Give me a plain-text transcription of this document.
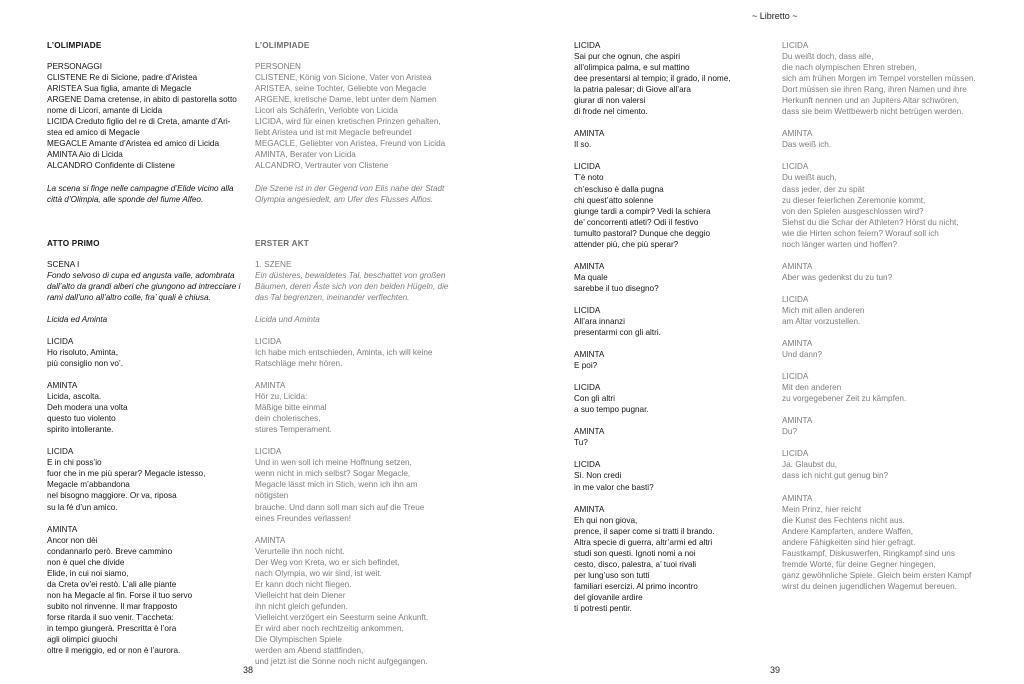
~ Libretto ~
L’OLIMPIADE
PERSONAGGI
CLISTENE Re di Sicione, padre d’Aristea
ARISTEA Sua figlia, amante di Megacle
ARGENE Dama cretense, in abito di pastorella sotto
nome di Licori, amante di Licida
LICIDA Creduto figlio del re di Creta, amante d’Ari-
stea ed amico di Megacle
MEGACLE Amante d’Aristea ed amico di Licida
AMINTA Aio di Licida
ALCANDRO Confidente di Clistene
La scena si finge nelle campagne d’Elide vicino alla
città d’Olimpia, alle sponde del fiume Alfeo.
ATTO PRIMO
SCENA I
Fondo selvoso di cupa ed angusta valle, adombrata
dall’alto da grandi alberi che giungono ad intrecciare i
rami dall’uno all’altro colle, fra’ quali è chiusa.
Licida ed Aminta
LICIDA
Ho risoluto, Aminta,
più consiglio non vo’.
AMINTA
Licida, ascolta.
Deh modera una volta
questo tuo violento
spirito intollerante.
LICIDA
E in chi poss’io
fuor che in me più sperar? Megacle istesso,
Megacle m’abbandona
nel bisogno maggiore. Or va, riposa
su la fé d’un amico.
AMINTA
Ancor non dèi
condannarlo però. Breve cammino
non è quel che divide
Elide, in cui noi siamo,
da Creta ov’ei restò. L’ali alle piante
non ha Megacle al fin. Forse il tuo servo
subito nol rinvenne. Il mar frapposto
forse ritarda il suo venir. T’accheta:
in tempo giungerà. Prescritta è l’ora
agli olimpici giuochi
oltre il meriggio, ed or non è l’aurora.
L’OLIMPIADE
PERSONEN
CLISTENE, König von Sicione, Vater von Aristea
ARISTEA, seine Tochter, Geliebte von Megacle
ARGENE, kretische Dame, lebt unter dem Namen
Licori als Schäferin, Verlobte von Licida
LICIDA, wird für einen kretischen Prinzen gehalten,
liebt Aristea und ist mit Megacle befreundet
MEGACLE, Geliebter von Aristea, Freund von Licida
AMINTA, Berater von Licida
ALCANDRO, Vertrauter von Clistene
Die Szene ist in der Gegend von Elis nahe der Stadt
Olympia angesiedelt, am Ufer des Flusses Alfios.
ERSTER AKT
1. SZENE
Ein düsteres, bewaldetes Tal, beschattet von großen
Bäumen, deren Äste sich von den beiden Hügeln, die
das Tal begrenzen, ineinander verflechten.
Licida und Aminta
LICIDA
Ich habe mich entschieden, Aminta, ich will keine
Ratschläge mehr hören.
AMINTA
Hör zu, Licida:
Mäßige bitte einmal
dein cholerisches,
stures Temperament.
LICIDA
Und in wen soll ich meine Hoffnung setzen,
wenn nicht in mich selbst? Sogar Megacle,
Megacle lässt mich in Stich, wenn ich ihn am nötigsten
brauche. Und dann soll man sich auf die Treue
eines Freundes verlassen!
AMINTA
Verurteile ihn noch nicht.
Der Weg von Kreta, wo er sich befindet,
nach Olympia, wo wir sind, ist weit.
Er kann doch nicht fliegen.
Vielleicht hat dein Diener
ihn nicht gleich gefunden.
Vielleicht verzögert ein Seesturm seine Ankunft.
Er wird aber noch rechtzeitig ankommen.
Die Olympischen Spiele
werden am Abend stattfinden,
und jetzt ist die Sonne noch nicht aufgegangen.
LICIDA
Sai pur che ognun, che aspiri
all’olimpica palma, e sul mattino
dee presentarsi al tempio; il grado, il nome,
la patria palesar; di Giove all’ara
giurar di non valersi
di frode nel cimento.
AMINTA
Il so.
LICIDA
T’è noto
ch’escluso è dalla pugna
chi quest’atto solenne
giunge tardi a compir? Vedi la schiera
de’ concorrenti atleti? Odi il festivo
tumulto pastoral? Dunque che deggio
attender più, che più sperar?
AMINTA
Ma quale
sarebbe il tuo disegno?
LICIDA
All’ara innanzi
presentarmi con gli altri.
AMINTA
E poi?
LICIDA
Con gli altri
a suo tempo pugnar.
AMINTA
Tu?
LICIDA
Sì. Non credi
in me valor che basti?
AMINTA
Eh qui non giova,
prence, il saper come si tratti il brando.
Altra specie di guerra, altr’armi ed altri
studi son questi. Ignoti nomi a noi
cesto, disco, palestra, a’ tuoi rivali
per lung’uso son tutti
familiari esercizi. Al primo incontro
del giovanile ardire
ti potresti pentir.
LICIDA
Du weißt doch, dass alle,
die nach olympischen Ehren streben,
sich am frühen Morgen im Tempel vorstellen müssen.
Dort müssen sie ihren Rang, ihren Namen und ihre
Herkunft nennen und an Jupiters Altar schwören,
dass sie beim Wettbewerb nicht betrügen werden.
AMINTA
Das weiß ich.
LICIDA
Du weißt auch,
dass jeder, der zu spät
zu dieser feierlichen Zeremonie kommt,
von den Spielen ausgeschlossen wird?
Siehst du die Schar der Athleten? Hörst du nicht,
wie die Hirten schon feiern? Worauf soll ich
noch länger warten und hoffen?
AMINTA
Aber was gedenkst du zu tun?
LICIDA
Mich mit allen anderen
am Altar vorzustellen.
AMINTA
Und dann?
LICIDA
Mit den anderen
zu vorgegebener Zeit zu kämpfen.
AMINTA
Du?
LICIDA
Ja. Glaubst du,
dass ich nicht gut genug bin?
AMINTA
Mein Prinz, hier reicht
die Kunst des Fechtens nicht aus.
Andere Kampfarten, andere Waffen,
andere Fähigkeiten sind hier gefragt.
Faustkampf, Diskuswerfen, Ringkampf sind uns
fremde Worte, für deine Gegner hingegen,
ganz gewöhnliche Spiele. Gleich beim ersten Kampf
wirst du deinen jugendlichen Wagemut bereuen.
38	39
